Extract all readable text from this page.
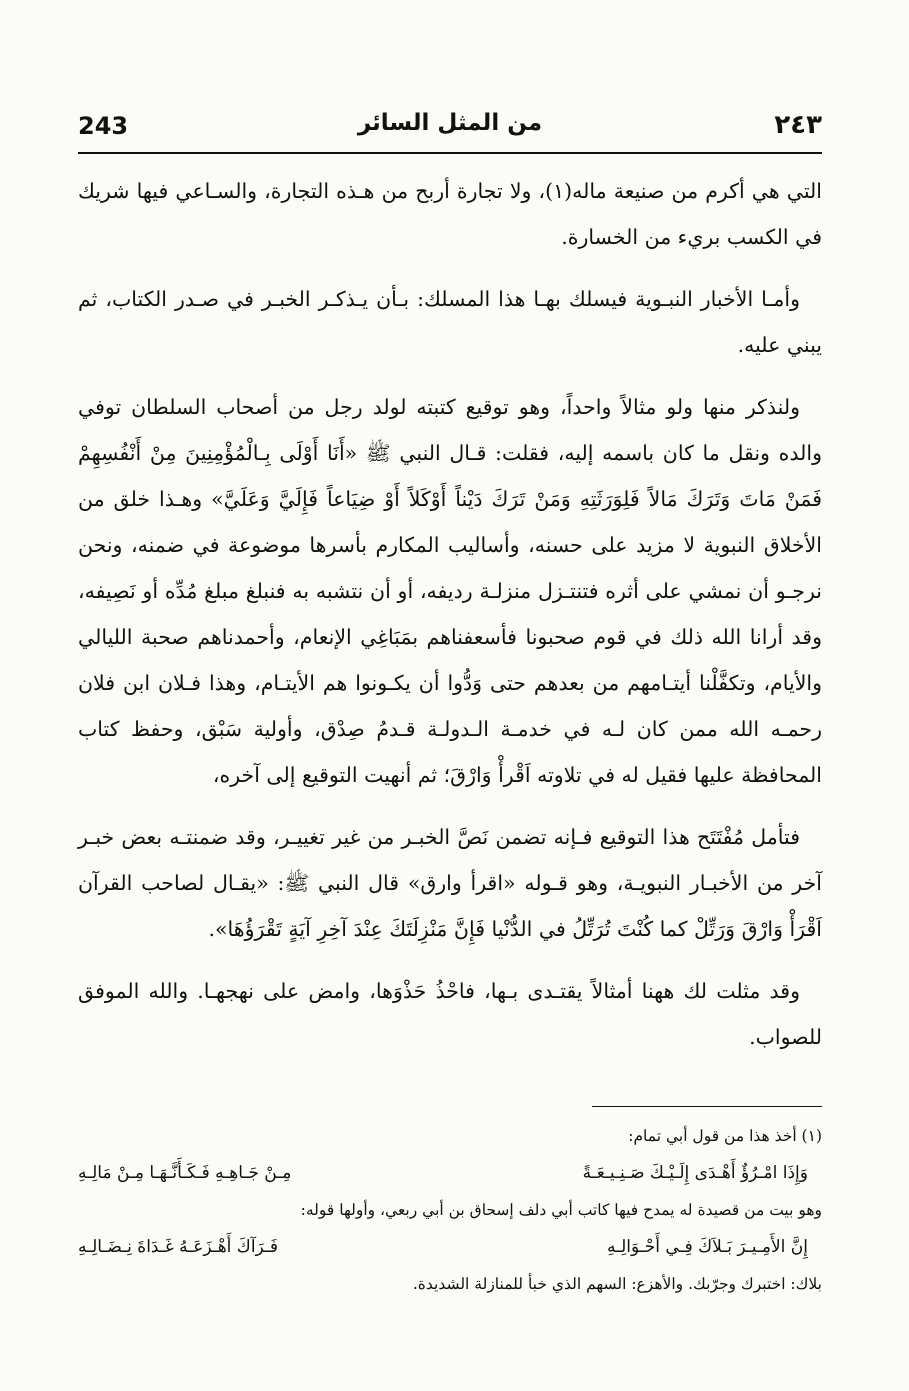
243	من المثل السائر	٢٤٣

التي هي أكرم من صنيعة ماله(١)، ولا تجارة أربح من هـذه التجارة، والسـاعي فيها شريك في الكسب بريء من الخسارة.

وأمـا الأخبار النبـوية فيسلك بهـا هذا المسلك: بـأن يـذكـر الخبـر في صـدر الكتاب، ثم يبني عليه.

ولنذكر منها ولو مثالاً واحداً، وهو توقيع كتبته لولد رجل من أصحاب السلطان توفي والده ونقل ما كان باسمه إليه، فقلت: قـال النبي ﷺ «أَنَا أَوْلَى بِـالْمُؤْمِنِينَ مِنْ أَنْفُسِهِمْ فَمَنْ مَاتَ وَتَرَكَ مَالاً فَلِوَرَثَتِهِ وَمَنْ تَرَكَ دَيْناً أَوْكَلاً أَوْ ضِيَاعاً فَإِلَيَّ وَعَلَيَّ» وهـذا خلق من الأخلاق النبوية لا مزيد على حسنه، وأساليب المكارم بأسرها موضوعة في ضمنه، ونحن نرجـو أن نمشي على أثره فتنتـزل منزلـة رديفه، أو أن نتشبه به فنبلغ مبلغ مُدِّه أو نَصِيفه، وقد أرانا الله ذلك في قوم صحبونا فأسعفناهم بمَبَاغِي الإنعام، وأحمدناهم صحبة الليالي والأيام، وتكفَّلْنا أيتـامهم من بعدهم حتى وَدُّوا أن يكـونوا هم الأيتـام، وهذا فـلان ابن فلان رحمـه الله ممن كان لـه في خدمـة الـدولـة قـدمُ صِدْق، وأولية سَبْق، وحفظ كتاب المحافظة عليها فقيل له في تلاوته اَقْرأْ وَارْقَ؛ ثم أنهيت التوقيع إلى آخره،

فتأمل مُفْتَتَح هذا التوقيع فـإنه تضمن نَصَّ الخبـر من غير تغييـر، وقد ضمنتـه بعض خبـر آخر من الأخبـار النبويـة، وهو قـوله «اقرأ وارق» قال النبي ﷺ: «يقـال لصاحب القرآن اَقْرَأْ وَارْقَ وَرَتِّلْ كما كُنْتَ تُرَتِّلُ في الدُّنْيا فَإِنَّ مَنْزِلَتَكَ عِنْدَ آخِرِ آيَةٍ تَقْرَؤُهَا».

وقد مثلت لك ههنا أمثالاً يقتـدى بـها، فاحْذُ حَذْوَها، وامض على نهجهـا. والله الموفق للصواب.

(١) أخذ هذا من قول أبي تمام:
وَإِذَا امْـرُؤٌ أَهْـدَى إِلَـيْـكَ صَـنِـيـعَـةً
مِـنْ جَـاهِـهِ فَـكَـأَنَّـهَـا مِـنْ مَالِـهِ
وهو بيت من قصيدة له يمدح فيها كاتب أبي دلف إسحاق بن أبي ربعي، وأولها قوله:
إِنَّ الأَمِـيـرَ بَـلاَكَ فِـي أَحْـوَالِـهِ
فَـرَآكَ أَهْـزَعَـهُ غَـدَاةَ نِـضَـالِـهِ
بلاك: اختبرك وجرّبك. والأهزع: السهم الذي خبأ للمنازلة الشديدة.
